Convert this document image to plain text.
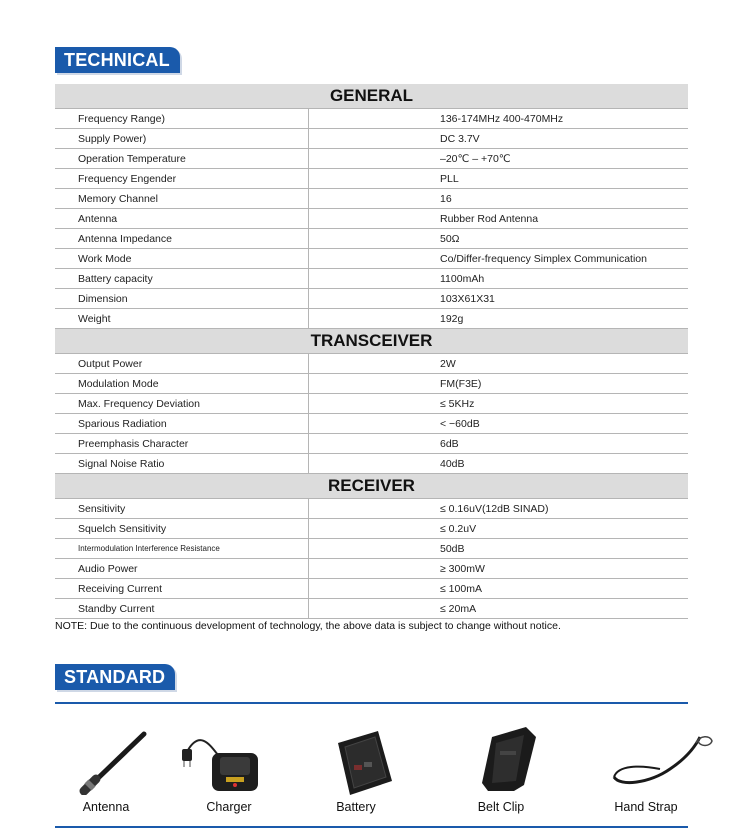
TECHNICAL
GENERAL	
Frequency Range)	136-174MHz 400-470MHz
Supply Power)	DC 3.7V
Operation Temperature	–20℃ – +70℃
Frequency Engender	PLL
Memory Channel	16
Antenna	Rubber Rod Antenna
Antenna Impedance	50Ω
Work Mode	Co/Differ-frequency Simplex Communication
Battery capacity	1100mAh
Dimension	103X61X31
Weight	192g
TRANSCEIVER	
Output Power	2W
Modulation Mode	FM(F3E)
Max. Frequency Deviation	≤ 5KHz
Sparious Radiation	< −60dB
Preemphasis Character	6dB
Signal Noise Ratio	40dB
RECEIVER	
Sensitivity	≤ 0.16uV(12dB SINAD)
Squelch Sensitivity	≤ 0.2uV
Intermodulation Interference Resistance	50dB
Audio Power	≥ 300mW
Receiving Current	≤ 100mA
Standby Current	≤ 20mA
NOTE: Due to the continuous development of technology, the above data is subject to change without notice.
STANDARD
Antenna	Charger	Battery	Belt Clip	Hand Strap
